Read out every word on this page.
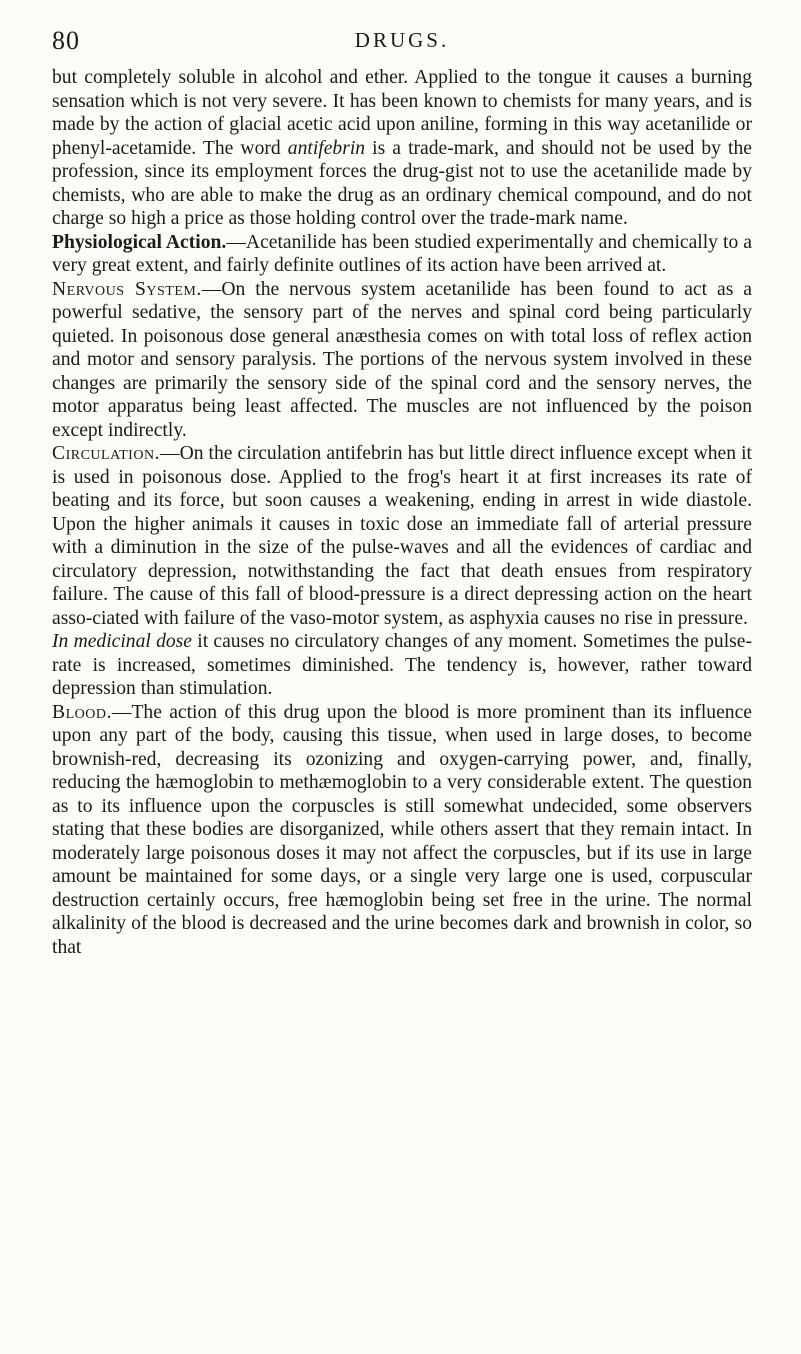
80	DRUGS.

but completely soluble in alcohol and ether. Applied to the tongue it causes a burning sensation which is not very severe. It has been known to chemists for many years, and is made by the action of glacial acetic acid upon aniline, forming in this way acetanilide or phenyl-acetamide. The word antifebrin is a trade-mark, and should not be used by the profession, since its employment forces the drug-gist not to use the acetanilide made by chemists, who are able to make the drug as an ordinary chemical compound, and do not charge so high a price as those holding control over the trade-mark name.

Physiological Action.—Acetanilide has been studied experimentally and chemically to a very great extent, and fairly definite outlines of its action have been arrived at.

Nervous System.—On the nervous system acetanilide has been found to act as a powerful sedative, the sensory part of the nerves and spinal cord being particularly quieted. In poisonous dose general anæsthesia comes on with total loss of reflex action and motor and sensory paralysis. The portions of the nervous system involved in these changes are primarily the sensory side of the spinal cord and the sensory nerves, the motor apparatus being least affected. The muscles are not influenced by the poison except indirectly.

Circulation.—On the circulation antifebrin has but little direct influence except when it is used in poisonous dose. Applied to the frog's heart it at first increases its rate of beating and its force, but soon causes a weakening, ending in arrest in wide diastole. Upon the higher animals it causes in toxic dose an immediate fall of arterial pressure with a diminution in the size of the pulse-waves and all the evidences of cardiac and circulatory depression, notwithstanding the fact that death ensues from respiratory failure. The cause of this fall of blood-pressure is a direct depressing action on the heart asso-ciated with failure of the vaso-motor system, as asphyxia causes no rise in pressure.

In medicinal dose it causes no circulatory changes of any moment. Sometimes the pulse-rate is increased, sometimes diminished. The tendency is, however, rather toward depression than stimulation.

Blood.—The action of this drug upon the blood is more prominent than its influence upon any part of the body, causing this tissue, when used in large doses, to become brownish-red, decreasing its ozonizing and oxygen-carrying power, and, finally, reducing the hæmoglobin to methæmoglobin to a very considerable extent. The question as to its influence upon the corpuscles is still somewhat undecided, some observers stating that these bodies are disorganized, while others assert that they remain intact. In moderately large poisonous doses it may not affect the corpuscles, but if its use in large amount be maintained for some days, or a single very large one is used, corpuscular destruction certainly occurs, free hæmoglobin being set free in the urine. The normal alkalinity of the blood is decreased and the urine becomes dark and brownish in color, so that
